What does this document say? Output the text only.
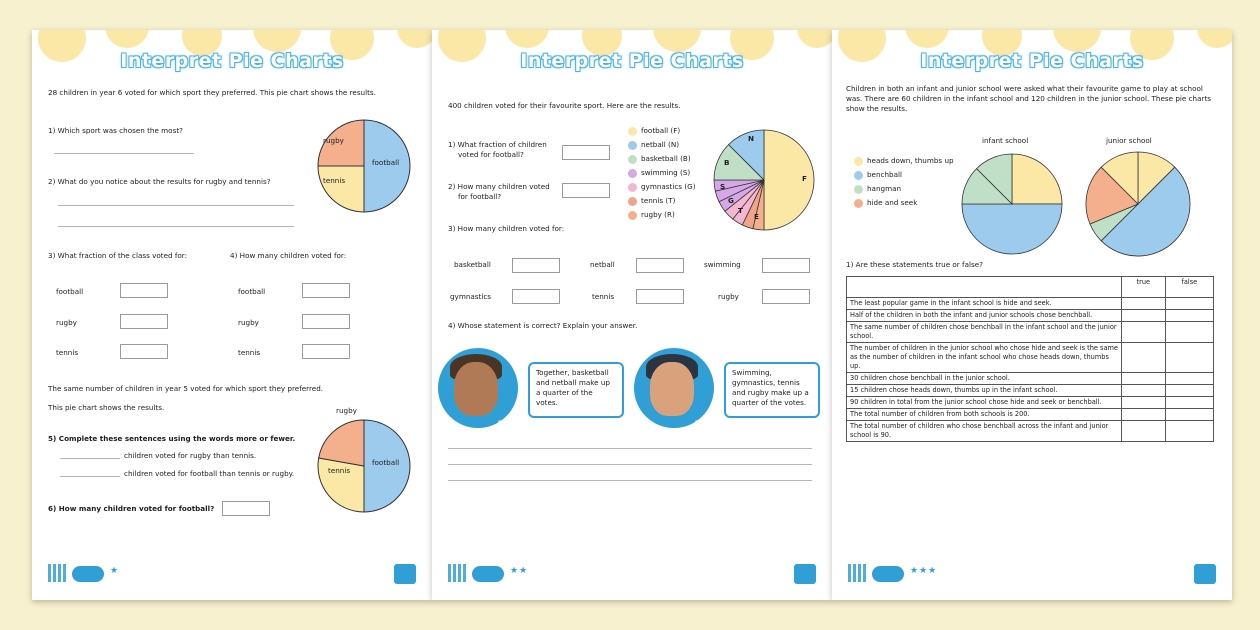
Interpret Pie Charts
28 children in year 6 voted for which sport they preferred. This pie chart shows the results.
1) Which sport was chosen the most?
rugby
tennis
football
2) What do you notice about the results for rugby and tennis?
3) What fraction of the class voted for:	4) How many children voted for:
football	football
rugby	rugby
tennis	tennis
The same number of children in year 5 voted for which sport they preferred.
This pie chart shows the results.	rugby
tennis
football
5) Complete these sentences using the words more or fewer.
children voted for rugby than tennis.
children voted for football than tennis or rugby.
6) How many children voted for football?
★
Interpret Pie Charts
400 children voted for their favourite sport. Here are the results.
1) What fraction of children
voted for football?
2) How many children voted
for football?
football (F)
netball (N)
basketball (B)
swimming (S)
gymnastics (G)
tennis (T)
rugby (R)
F
N
B
S
G
T
E
3) How many children voted for:
basketball	netball	swimming
gymnastics	tennis	rugby
4) Whose statement is correct? Explain your answer.
Felix
Together, basketball and netball make up a quarter of the votes.
Astrid
Swimming, gymnastics, tennis and rugby make up a quarter of the votes.
★★
Interpret Pie Charts
Children in both an infant and junior school were asked what their favourite game to play at school was. There are 60 children in the infant school and 120 children in the junior school. These pie charts show the results.
infant school	junior school
heads down, thumbs up
benchball
hangman
hide and seek
1) Are these statements true or false?
	true	false
The least popular game in the infant school is hide and seek.		
Half of the children in both the infant and junior schools chose benchball.		
The same number of children chose benchball in the infant school and the junior school.		
The number of children in the junior school who chose hide and seek is the same as the number of children in the infant school who chose heads down, thumbs up.		
30 children chose benchball in the junior school.		
15 children chose heads down, thumbs up in the infant school.		
90 children in total from the junior school chose hide and seek or benchball.		
The total number of children from both schools is 200.		
The total number of children who chose benchball across the infant and junior school is 90.		
★★★
